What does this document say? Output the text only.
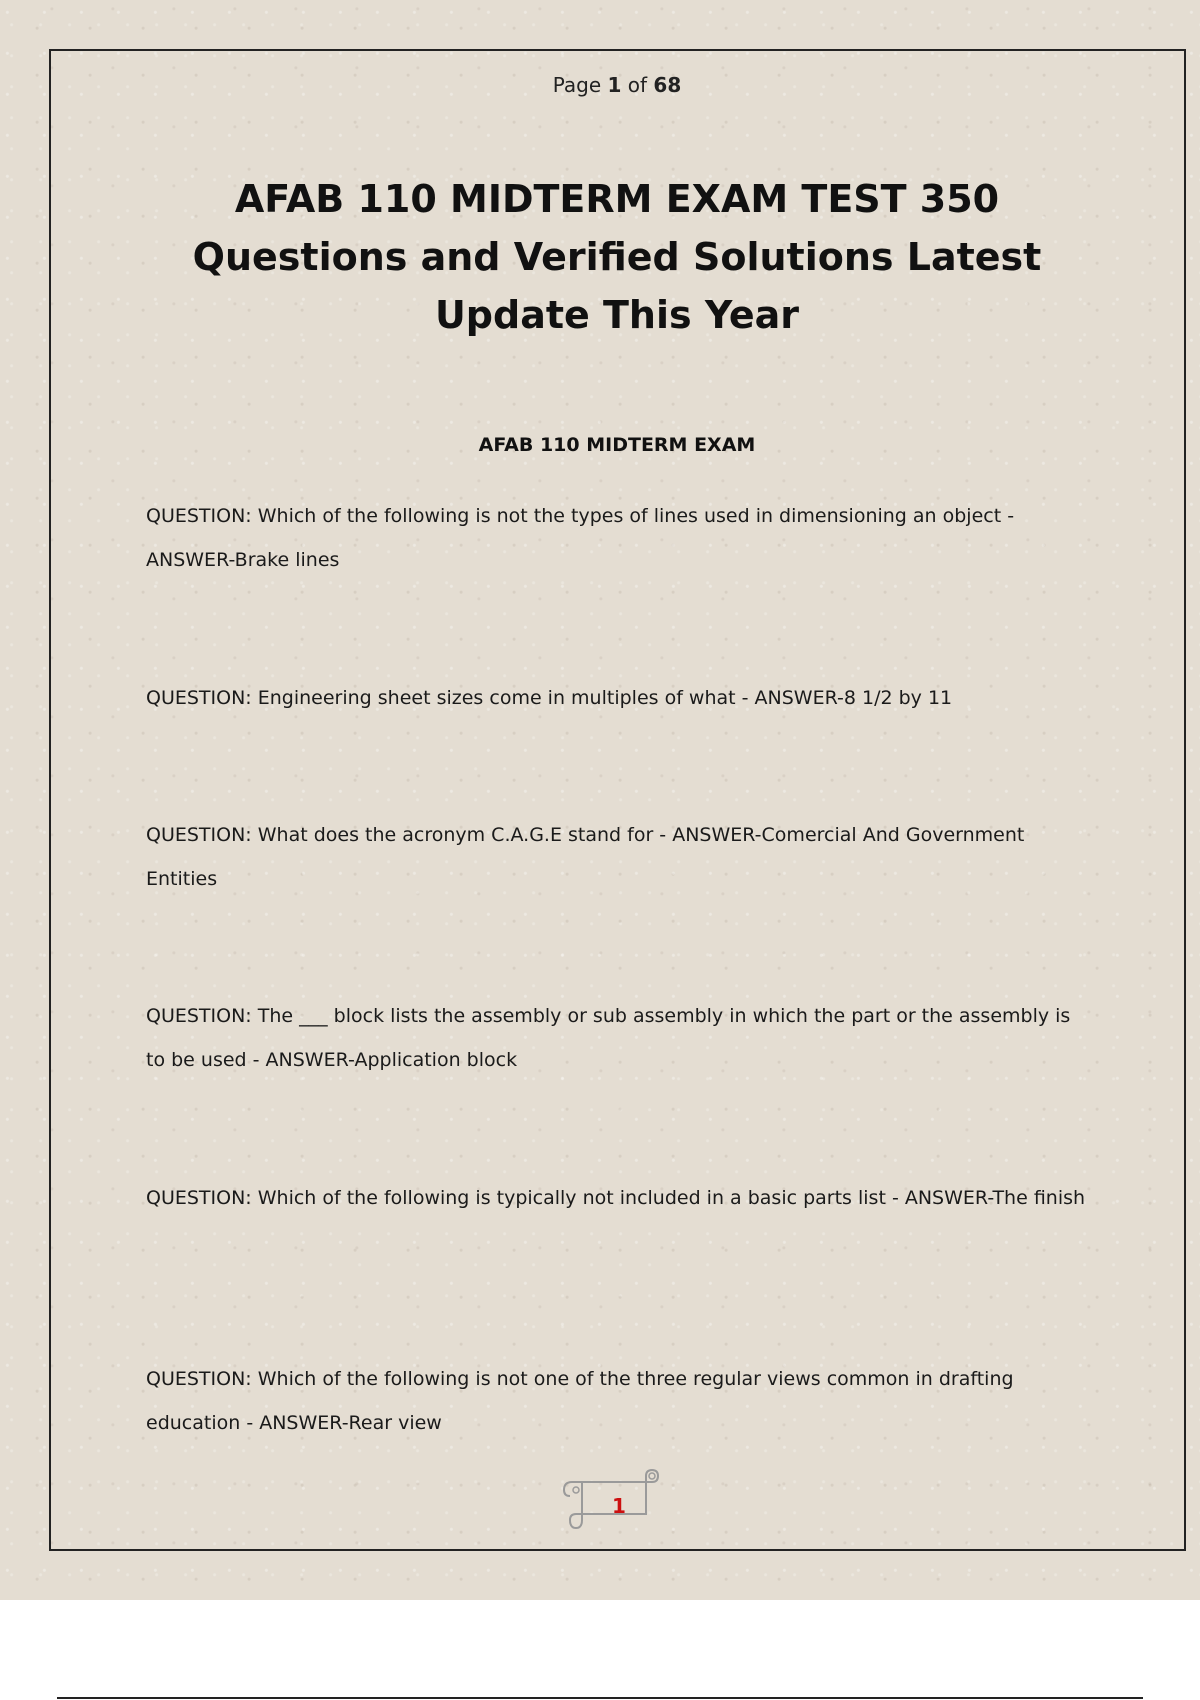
Page 1 of 68
AFAB 110 MIDTERM EXAM TEST 350 Questions and Verified Solutions Latest Update This Year
AFAB 110 MIDTERM EXAM

QUESTION: Which of the following is not the types of lines used in dimensioning an object - ANSWER-Brake lines

QUESTION: Engineering sheet sizes come in multiples of what - ANSWER-8 1/2 by 11

QUESTION: What does the acronym C.A.G.E stand for - ANSWER-Comercial And Government Entities

QUESTION: The ___ block lists the assembly or sub assembly in which the part or the assembly is to be used - ANSWER-Application block

QUESTION: Which of the following is typically not included in a basic parts list - ANSWER-The finish

QUESTION: Which of the following is not one of the three regular views common in drafting education - ANSWER-Rear view

1
